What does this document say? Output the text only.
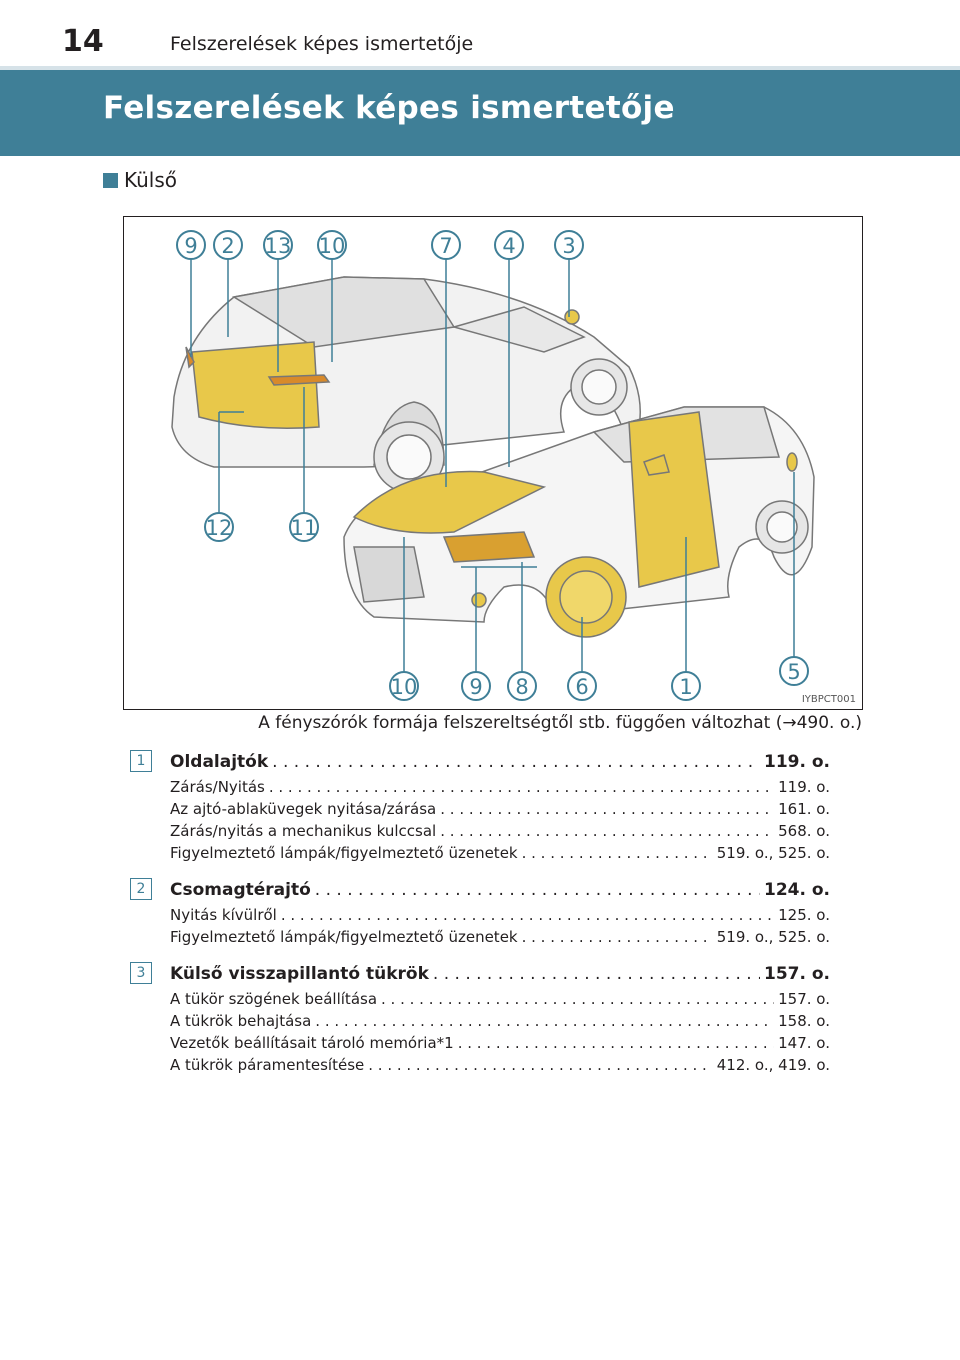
14	Felszerelések képes ismertetője
Felszerelések képes ismertetője
Külső
9 2 13 10	7 4 3
12	11
10 9 8 6	1
5
IYBPCT001
A fényszórók formája felszereltségtől stb. függően változhat (→490. o.)
1	Oldalajtók . . .	119. o.
Zárás/Nyitás . . .	119. o.
Az ajtó-ablaküvegek nyitása/zárása . . .	161. o.
Zárás/nyitás a mechanikus kulccsal . . .	568. o.
Figyelmeztető lámpák/figyelmeztető üzenetek . . .	519. o., 525. o.
2	Csomagtérajtó . . .	124. o.
Nyitás kívülről . . .	125. o.
Figyelmeztető lámpák/figyelmeztető üzenetek . . .	519. o., 525. o.
3	Külső visszapillantó tükrök . . .	157. o.
A tükör szögének beállítása . . .	157. o.
A tükrök behajtása . . .	158. o.
Vezetők beállításait tároló memória*1 . . .	147. o.
A tükrök páramentesítése . . .	412. o., 419. o.
